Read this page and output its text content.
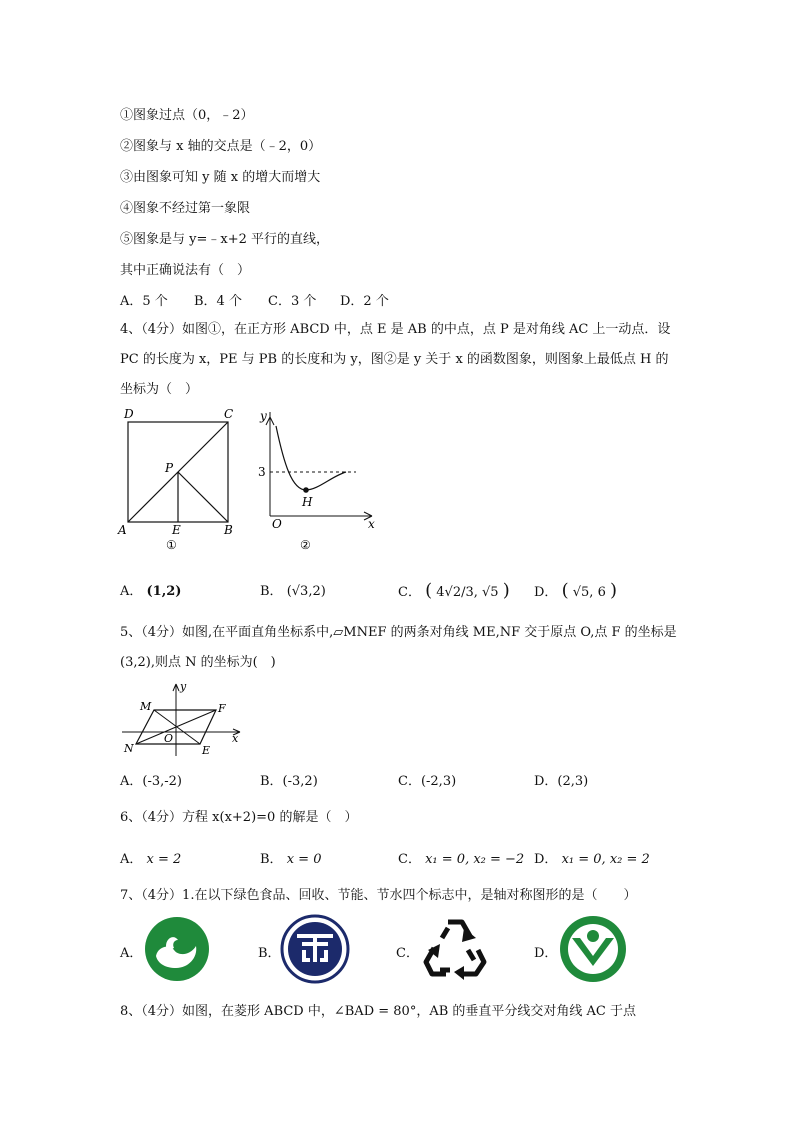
①图象过点（0，﹣2）
②图象与 x 轴的交点是（﹣2，0）
③由图象可知 y 随 x 的增大而增大
④图象不经过第一象限
⑤图象是与 y=﹣x+2 平行的直线，
其中正确说法有（　）
A．5 个 B．4 个 C．3 个 D．2 个
4、（4分）如图①，在正方形 ABCD 中，点 E 是 AB 的中点，点 P 是对角线 AC 上一动点．设 PC 的长度为 x，PE 与 PB 的长度和为 y，图②是 y 关于 x 的函数图象，则图象上最低点 H 的坐标为（　）
D	C
P
A	E	B
①
y
3
H
O	x
②
A． (1,2)	B． (√3,2)	C． ( 4√2/3, √5 ) D． ( √5, 6 )
5、（4分）如图,在平面直角坐标系中,▱MNEF 的两条对角线 ME,NF 交于原点 O,点 F 的坐标是(3,2),则点 N 的坐标为(　)
y
M	F
O	x
N	E
A．(-3,-2)	B．(-3,2)	C．(-2,3)	D．(2,3)
6、（4分）方程 x(x+2)=0 的解是（　）
A． x = 2	B． x = 0	C． x₁ = 0, x₂ = −2 D． x₁ = 0, x₂ = 2
7、（4分）1.在以下绿色食品、回收、节能、节水四个标志中，是轴对称图形的是（　　）
A．	B．	C．	D．
8、（4分）如图，在菱形 ABCD 中，∠BAD = 80°，AB 的垂直平分线交对角线 AC 于点
